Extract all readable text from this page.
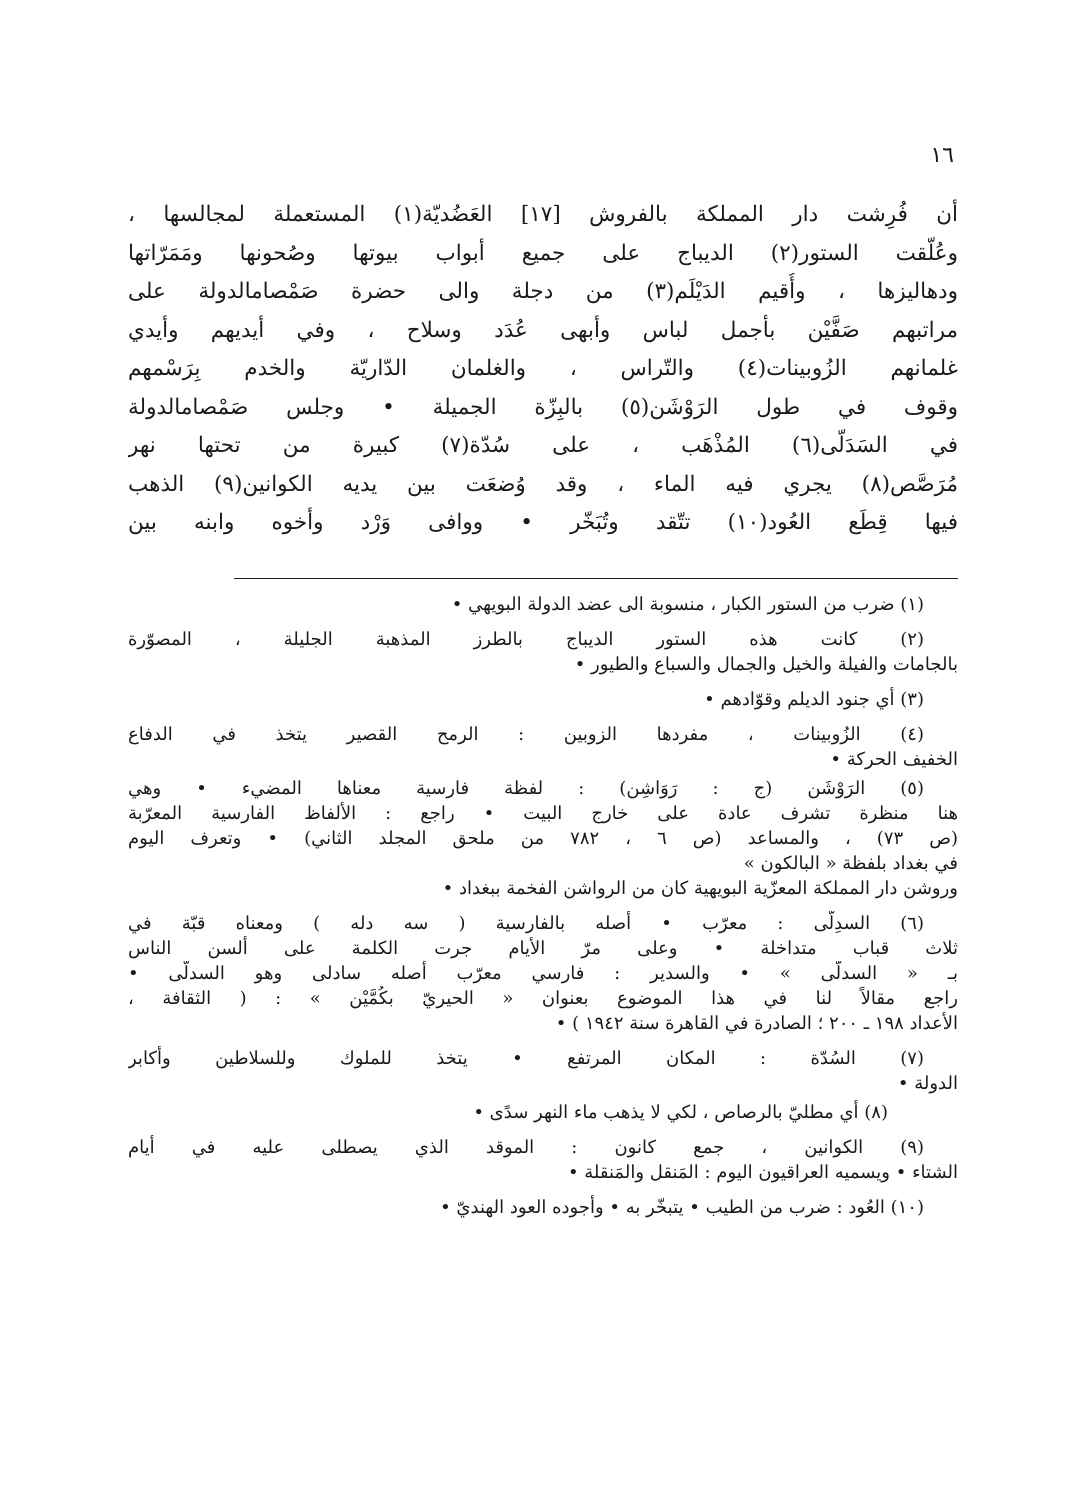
١٦
أن فُرِشت دار المملكة بالفروش [١٧] العَضُديّة(١) المستعملة لمجالسها ،
وعُلّقت الستور(٢) الديباج على جميع أبواب بيوتها وصُحونها ومَمَرّاتها
ودهاليزها ، وأُقيم الدَيْلَم(٣) من دجلة والى حضرة صَمْصامالدولة على
مراتبهم صَفَّيْن بأجمل لباس وأبهى عُدَد وسلاح ، وفي أيديهم وأيدي
غلمانهم الزُوبينات(٤) والتّراس ، والغلمان الدّاريّة والخدم بِرَسْمهم
وقوف في طول الرَوْشَن(٥) بالبِزّة الجميلة • وجلس صَمْصامالدولة
في السَدَلّى(٦) المُذْهَب ، على سُدّة(٧) كبيرة من تحتها نهر
مُرَصَّص(٨) يجري فيه الماء ، وقد وُضعَت بين يديه الكوانين(٩) الذهب
فيها قِطَع العُود(١٠) تتّقد وتُبَخّر • ووافى وَرْد وأخوه وابنه بين
(١) ضرب من الستور الكبار ، منسوبة الى عضد الدولة البويهي •
(٢) كانت هذه الستور الديباج بالطرز المذهبة الجليلة ، المصوّرة
بالجامات والفيلة والخيل والجمال والسباع والطيور •
(٣) أي جنود الديلم وقوّادهم •
(٤) الزُوبينات ، مفردها الزوبين : الرمح القصير يتخذ في الدفاع
الخفيف الحركة •
(٥) الرَوْشَن (ج : رَوَاشِن) : لفظة فارسية معناها المضيء • وهي
هنا منظرة تشرف عادة على خارج البيت • راجع : الألفاظ الفارسية المعرّبة
(ص ٧٣) ، والمساعد (ص ٦ ، ٧٨٢ من ملحق المجلد الثاني) • وتعرف اليوم
في بغداد بلفظة « البالكون »
وروشن دار المملكة المعزّية البويهية كان من الرواشن الفخمة ببغداد •
(٦) السدِلّى : معرّب • أصله بالفارسية ( سه دله ) ومعناه قبّة في
ثلاث قباب متداخلة • وعلى مرّ الأيام جرت الكلمة على ألسن الناس
بـ « السدلّى » • والسدير : فارسي معرّب أصله سادلى وهو السدلّى •
راجع مقالاً لنا في هذا الموضوع بعنوان « الحيريّ بكُمَّيْن » : ( الثقافة ،
الأعداد ١٩٨ ـ ٢٠٠ ؛ الصادرة في القاهرة سنة ١٩٤٢ ) •
(٧) السُدّة : المكان المرتفع • يتخذ للملوك وللسلاطين وأكابر
الدولة •
(٨) أي مطليّ بالرصاص ، لكي لا يذهب ماء النهر سدًى •
(٩) الكوانين ، جمع كانون : الموقد الذي يصطلى عليه في أيام
الشتاء • ويسميه العراقيون اليوم : المَنقل والمَنقلة •
(١٠) العُود : ضرب من الطيب • يتبخّر به • وأجوده العود الهنديّ •
